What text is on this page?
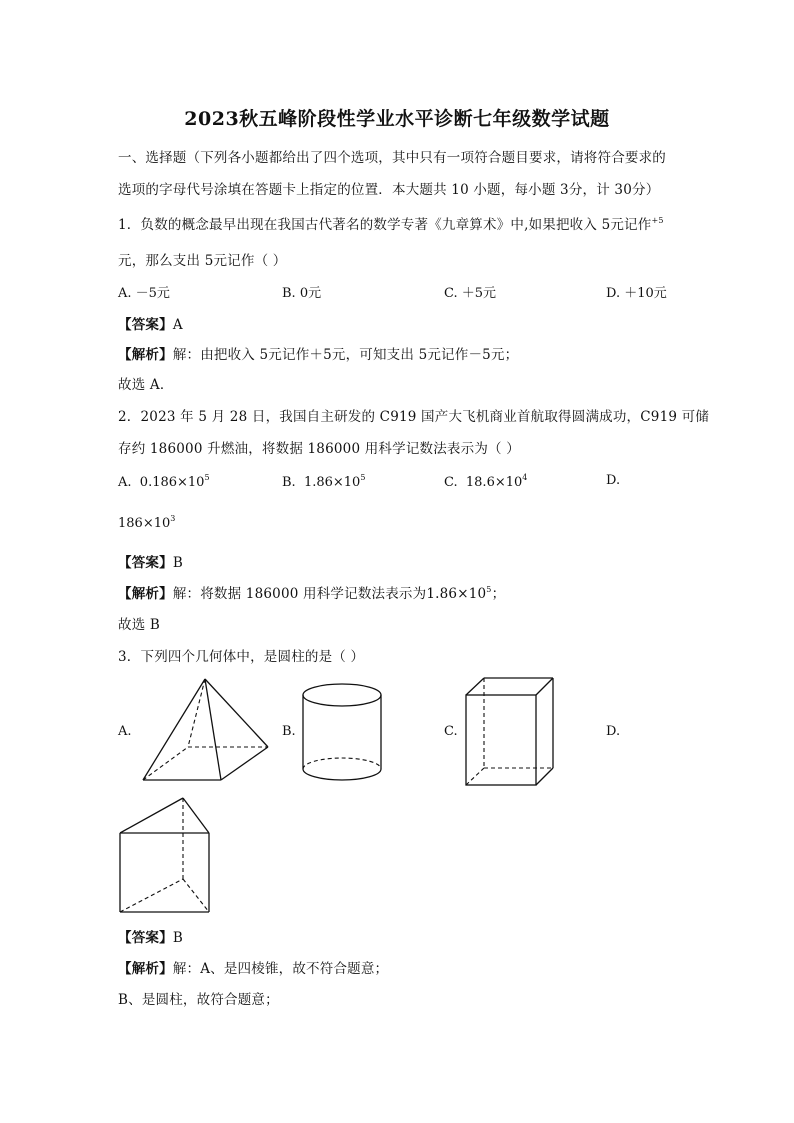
2023秋五峰阶段性学业水平诊断七年级数学试题
一、选择题（下列各小题都给出了四个选项，其中只有一项符合题目要求，请将符合要求的
选项的字母代号涂填在答题卡上指定的位置．本大题共 10 小题，每小题 3分，计 30分）
1．负数的概念最早出现在我国古代著名的数学专著《九章算术》中,如果把收入 5元记作$^{+5}$
元，那么支出 5元记作（ ）
A. －5元	B. 0元	C. ＋5元	D. ＋10元
【答案】A
【解析】解：由把收入 5元记作＋5元，可知支出 5元记作－5元；
故选 A．
2．2023 年 5 月 28 日，我国自主研发的 C919 国产大飞机商业首航取得圆满成功，C919 可储
存约 186000 升燃油，将数据 186000 用科学记数法表示为（ ）
A. $0.186\times 10^5$	B. $1.86\times 10^5$	C. $18.6\times 10^4$	D.
$186\times 10^3$
【答案】B
【解析】解：将数据 186000 用科学记数法表示为$1.86\times 10^5$；
故选 B
3．下列四个几何体中，是圆柱的是（ ）
A.	B.	C.	D.
【答案】B
【解析】解：A、是四棱锥，故不符合题意；
B、是圆柱，故符合题意；
